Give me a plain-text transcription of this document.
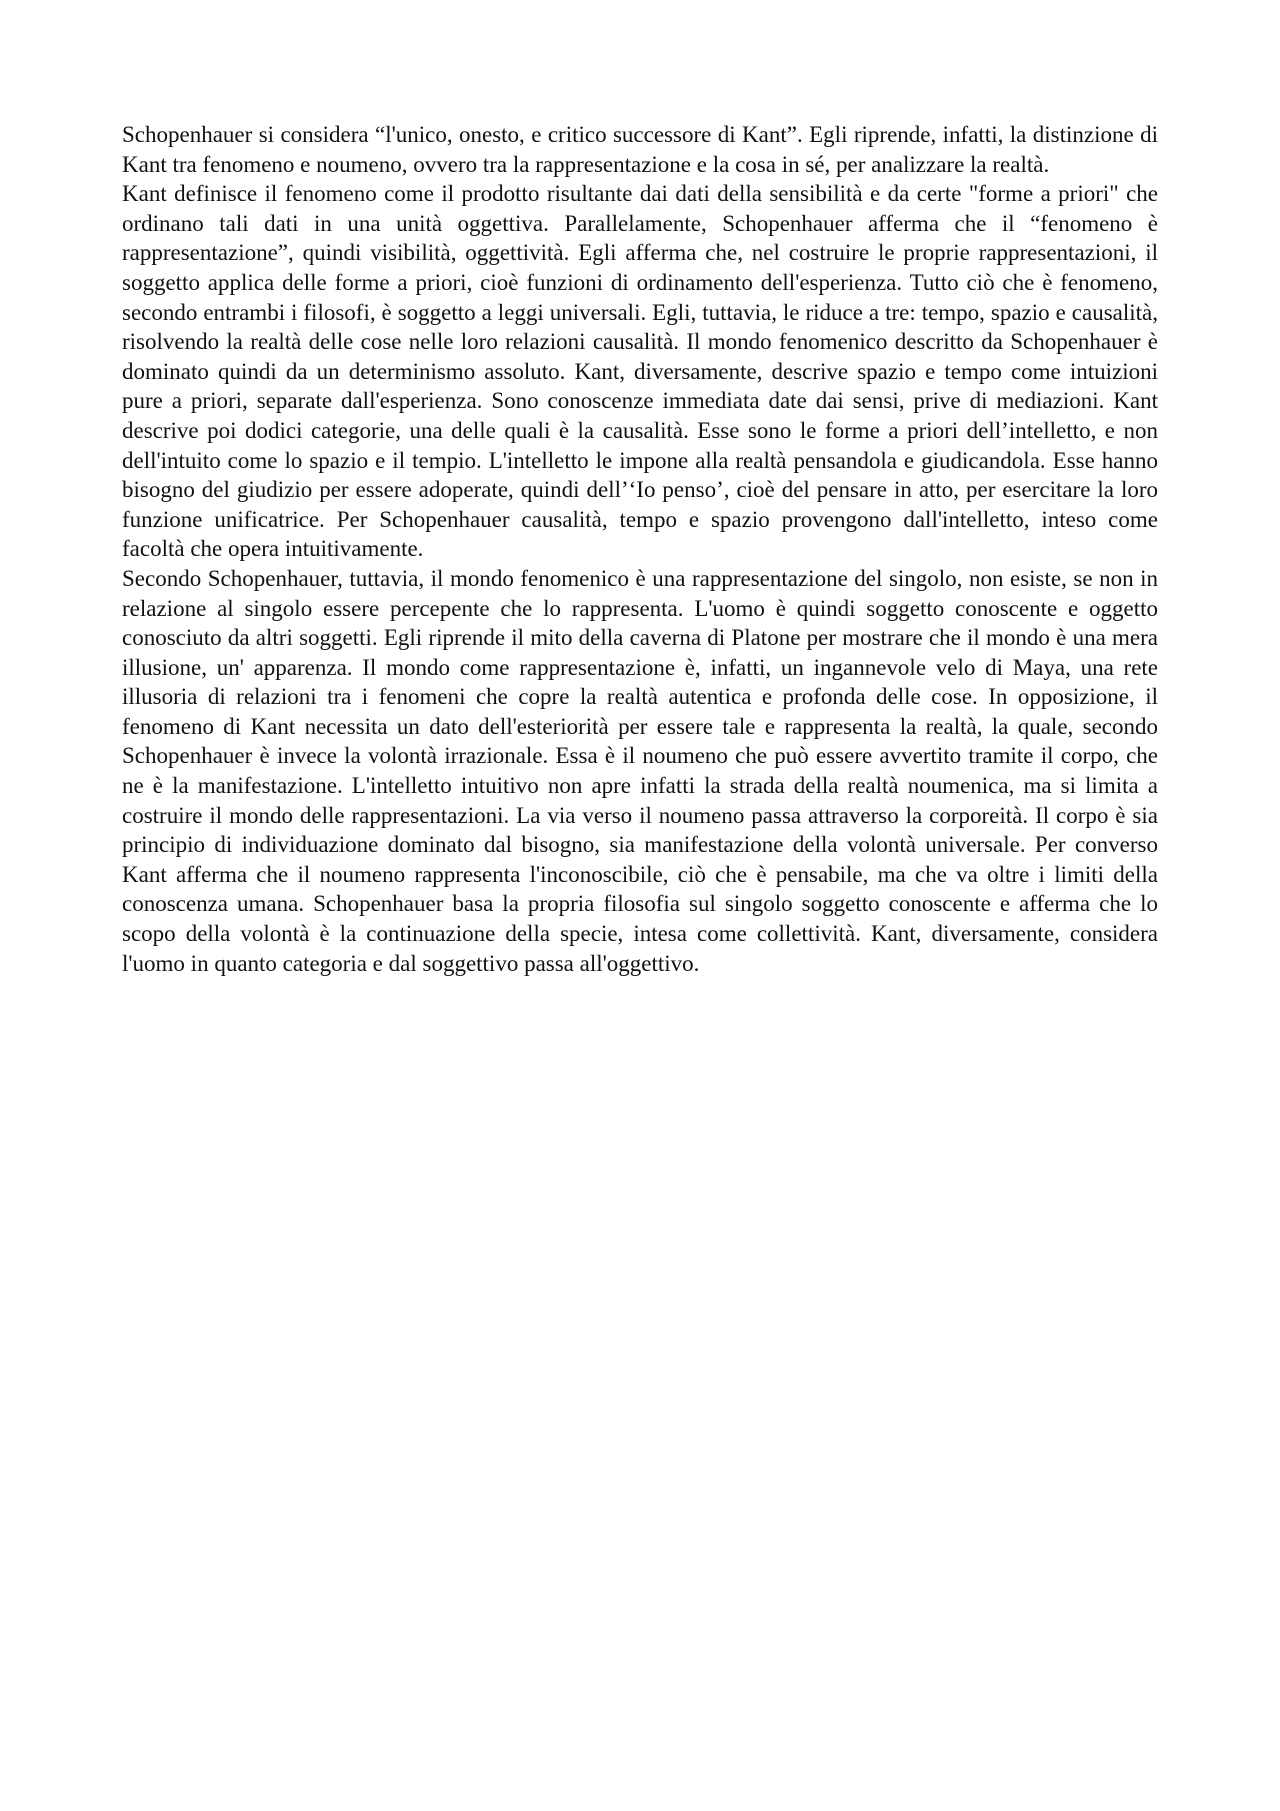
Schopenhauer si considera “l'unico, onesto, e critico successore di Kant”. Egli riprende, infatti, la distinzione di Kant tra fenomeno e noumeno, ovvero tra la rappresentazione e la cosa in sé, per analizzare la realtà.

Kant definisce il fenomeno come il prodotto risultante dai dati della sensibilità e da certe "forme a priori" che ordinano tali dati in una unità oggettiva. Parallelamente, Schopenhauer afferma che il “fenomeno è rappresentazione”, quindi visibilità, oggettività. Egli afferma che, nel costruire le proprie rappresentazioni, il soggetto applica delle forme a priori, cioè funzioni di ordinamento dell'esperienza. Tutto ciò che è fenomeno, secondo entrambi i filosofi, è soggetto a leggi universali. Egli, tuttavia, le riduce a tre: tempo, spazio e causalità, risolvendo la realtà delle cose nelle loro relazioni causalità. Il mondo fenomenico descritto da Schopenhauer è dominato quindi da un determinismo assoluto. Kant, diversamente, descrive spazio e tempo come intuizioni pure a priori, separate dall'esperienza. Sono conoscenze immediata date dai sensi, prive di mediazioni. Kant descrive poi dodici categorie, una delle quali è la causalità. Esse sono le forme a priori dell’intelletto, e non dell'intuito come lo spazio e il tempio. L'intelletto le impone alla realtà pensandola e giudicandola. Esse hanno bisogno del giudizio per essere adoperate, quindi dell’‘Io penso’, cioè del pensare in atto, per esercitare la loro funzione unificatrice. Per Schopenhauer causalità, tempo e spazio provengono dall'intelletto, inteso come facoltà che opera intuitivamente.

Secondo Schopenhauer, tuttavia, il mondo fenomenico è una rappresentazione del singolo, non esiste, se non in relazione al singolo essere percepente che lo rappresenta. L'uomo è quindi soggetto conoscente e oggetto conosciuto da altri soggetti. Egli riprende il mito della caverna di Platone per mostrare che il mondo è una mera illusione, un' apparenza. Il mondo come rappresentazione è, infatti, un ingannevole velo di Maya, una rete illusoria di relazioni tra i fenomeni che copre la realtà autentica e profonda delle cose. In opposizione, il fenomeno di Kant necessita un dato dell'esteriorità per essere tale e rappresenta la realtà, la quale, secondo Schopenhauer è invece la volontà irrazionale. Essa è il noumeno che può essere avvertito tramite il corpo, che ne è la manifestazione. L'intelletto intuitivo non apre infatti la strada della realtà noumenica, ma si limita a costruire il mondo delle rappresentazioni. La via verso il noumeno passa attraverso la corporeità. Il corpo è sia principio di individuazione dominato dal bisogno, sia manifestazione della volontà universale. Per converso Kant afferma che il noumeno rappresenta l'inconoscibile, ciò che è pensabile, ma che va oltre i limiti della conoscenza umana. Schopenhauer basa la propria filosofia sul singolo soggetto conoscente e afferma che lo scopo della volontà è la continuazione della specie, intesa come collettività. Kant, diversamente, considera l'uomo in quanto categoria e dal soggettivo passa all'oggettivo.
